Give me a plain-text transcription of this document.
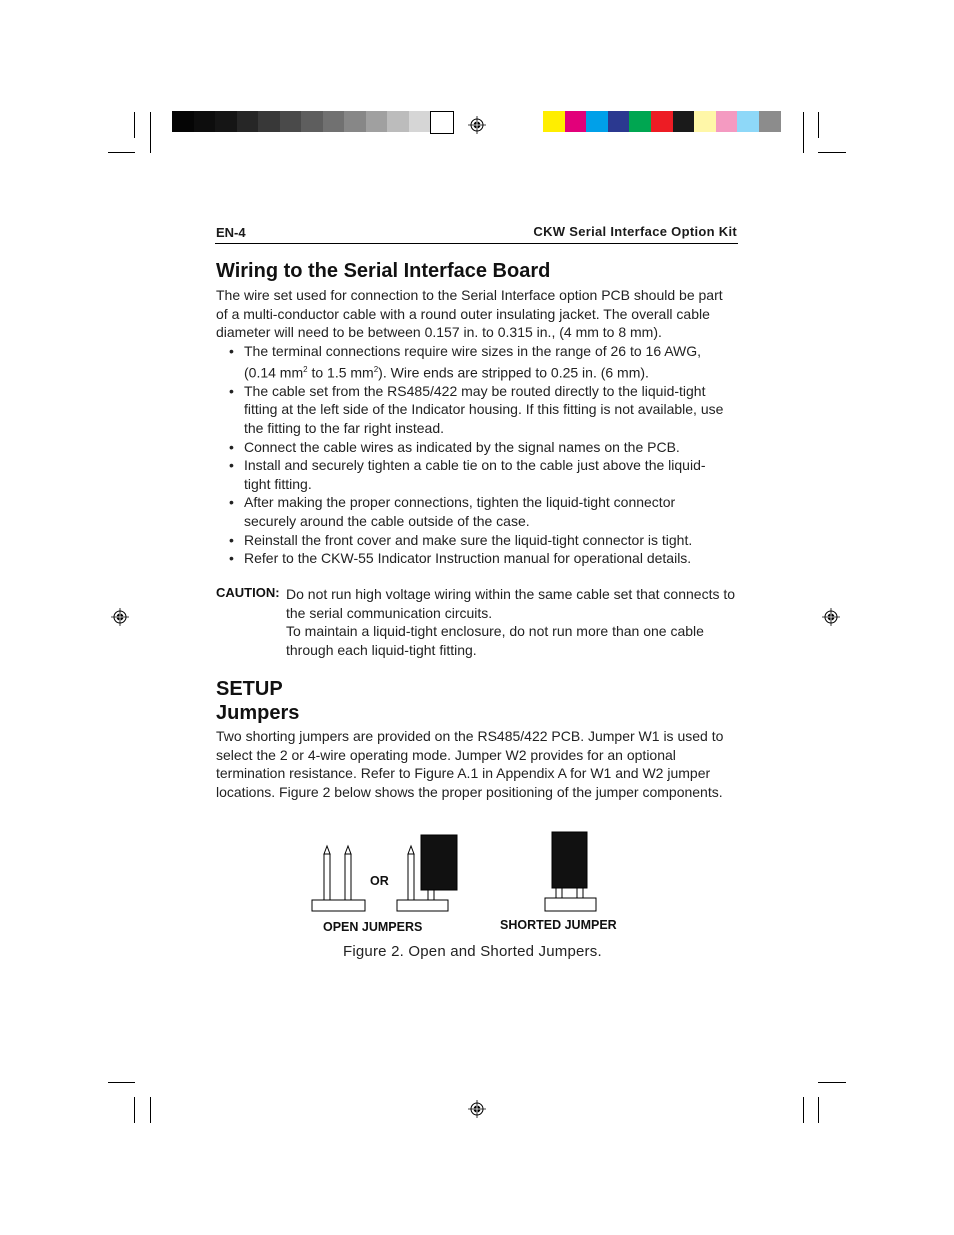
EN-4	CKW Serial Interface Option Kit
Wiring to the Serial Interface Board
The wire set used for connection to the Serial Interface option PCB should be part of a multi-conductor cable with a round outer insulating jacket. The overall cable diameter will need to be between 0.157 in. to 0.315 in., (4 mm to 8 mm).
• The terminal connections require wire sizes in the range of 26 to 16 AWG, (0.14 $mm^2$ to 1.5 $mm^2$). Wire ends are stripped to 0.25 in. (6 mm).
• The cable set from the RS485/422 may be routed directly to the liquid-tight fitting at the left side of the Indicator housing. If this fitting is not available, use the fitting to the far right instead.
• Connect the cable wires as indicated by the signal names on the PCB.
• Install and securely tighten a cable tie on to the cable just above the liquid-tight fitting.
• After making the proper connections, tighten the liquid-tight connector securely around the cable outside of the case.
• Reinstall the front cover and make sure the liquid-tight connector is tight.
• Refer to the CKW-55 Indicator Instruction manual for operational details.
CAUTION: Do not run high voltage wiring within the same cable set that connects to the serial communication circuits.
To maintain a liquid-tight enclosure, do not run more than one cable through each liquid-tight fitting.
SETUP
Jumpers
Two shorting jumpers are provided on the RS485/422 PCB. Jumper W1 is used to select the 2 or 4-wire operating mode. Jumper W2 provides for an optional termination resistance. Refer to Figure A.1 in Appendix A for W1 and W2 jumper locations. Figure 2 below shows the proper positioning of the jumper components.
OR
OPEN JUMPERS	SHORTED JUMPER
Figure 2. Open and Shorted Jumpers.
